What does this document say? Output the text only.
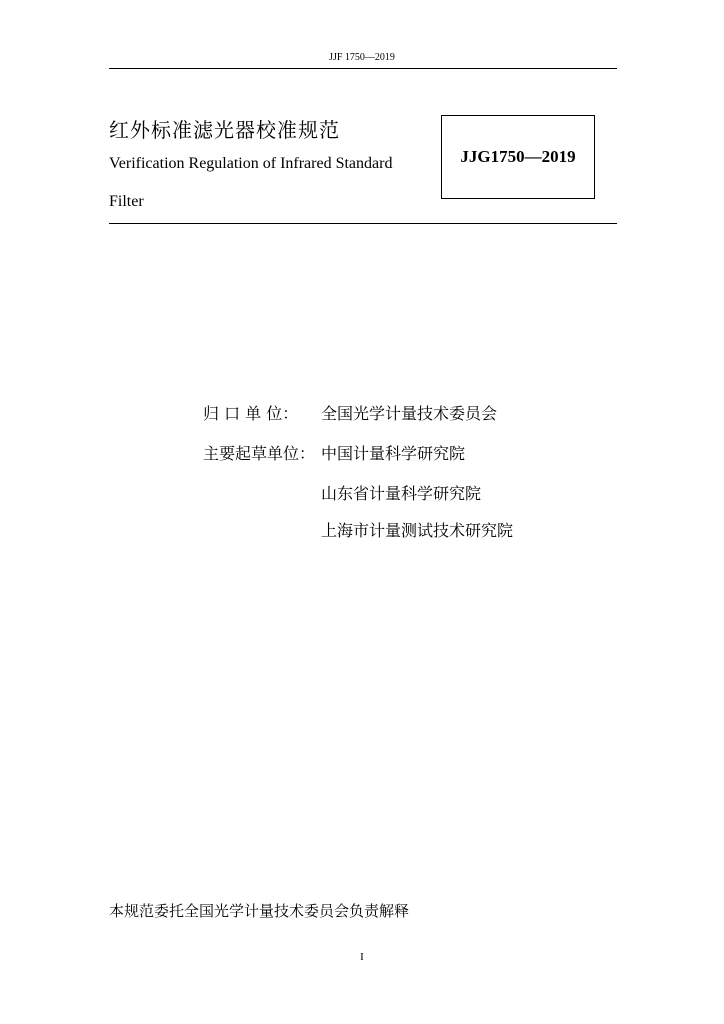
JJF 1750—2019
红外标准滤光器校准规范
Verification Regulation of Infrared Standard
Filter
JJG1750—2019
归 口 单 位： 全国光学计量技术委员会
主要起草单位： 中国计量科学研究院
山东省计量科学研究院
上海市计量测试技术研究院
本规范委托全国光学计量技术委员会负责解释
I
